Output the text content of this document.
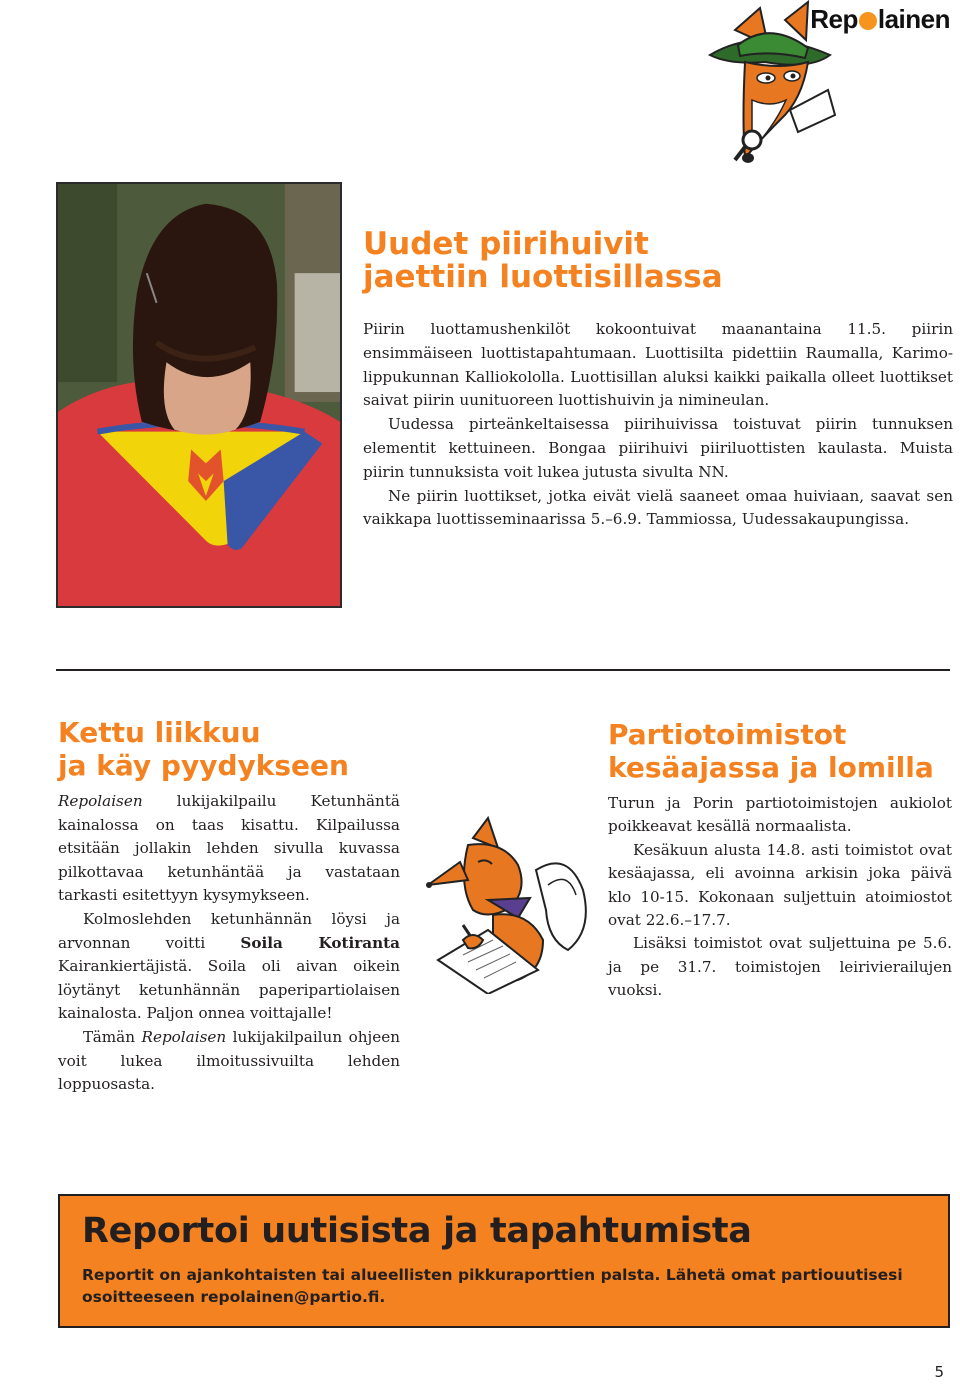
Rep lainen
Uudet piirihuivit
jaettiin luottisillassa

Piirin luottamushenkilöt kokoontuivat maanantaina 11.5. piirin ensimmäiseen luottistapahtumaan. Luottisilta pidettiin Raumalla, Karimo-lippukunnan Kalliokololla. Luottisillan aluksi kaikki paikalla olleet luottikset saivat piirin uunituoreen luottishuivin ja nimineulan.

Uudessa pirteänkeltaisessa piirihuivissa toistuvat piirin tunnuksen elementit kettuineen. Bongaa piirihuivi piiriluottisten kaulasta. Muista piirin tunnuksista voit lukea jutusta sivulta NN.

Ne piirin luottikset, jotka eivät vielä saaneet omaa huiviaan, saavat sen vaikkapa luottisseminaarissa 5.–6.9. Tammiossa, Uudessakaupungissa.

Kettu liikkuu
ja käy pyydykseen

Repolaisen lukijakilpailu Ketunhäntä kainalossa on taas kisattu. Kilpailussa etsitään jollakin lehden sivulla kuvassa pilkottavaa ketunhäntää ja vastataan tarkasti esitettyyn kysymykseen.

Kolmoslehden ketunhännän löysi ja arvonnan voitti Soila Kotiranta Kairankiertäjistä. Soila oli aivan oikein löytänyt ketunhännän paperipartiolaisen kainalosta. Paljon onnea voittajalle!

Tämän Repolaisen lukijakilpailun ohjeen voit lukea ilmoitussivuilta lehden loppuosasta.

Partiotoimistot
kesäajassa ja lomilla

Turun ja Porin partiotoimistojen aukiolot poikkeavat kesällä normaalista.

Kesäkuun alusta 14.8. asti toimistot ovat kesäajassa, eli avoinna arkisin joka päivä klo 10-15. Kokonaan suljettuin atoimiostot ovat 22.6.–17.7.

Lisäksi toimistot ovat suljettuina pe 5.6. ja pe 31.7. toimistojen leirivierailujen vuoksi.

Reportoi uutisista ja tapahtumista
Reportit on ajankohtaisten tai alueellisten pikkuraporttien palsta. Lähetä omat partiouutisesi osoitteeseen repolainen@partio.fi.
5
